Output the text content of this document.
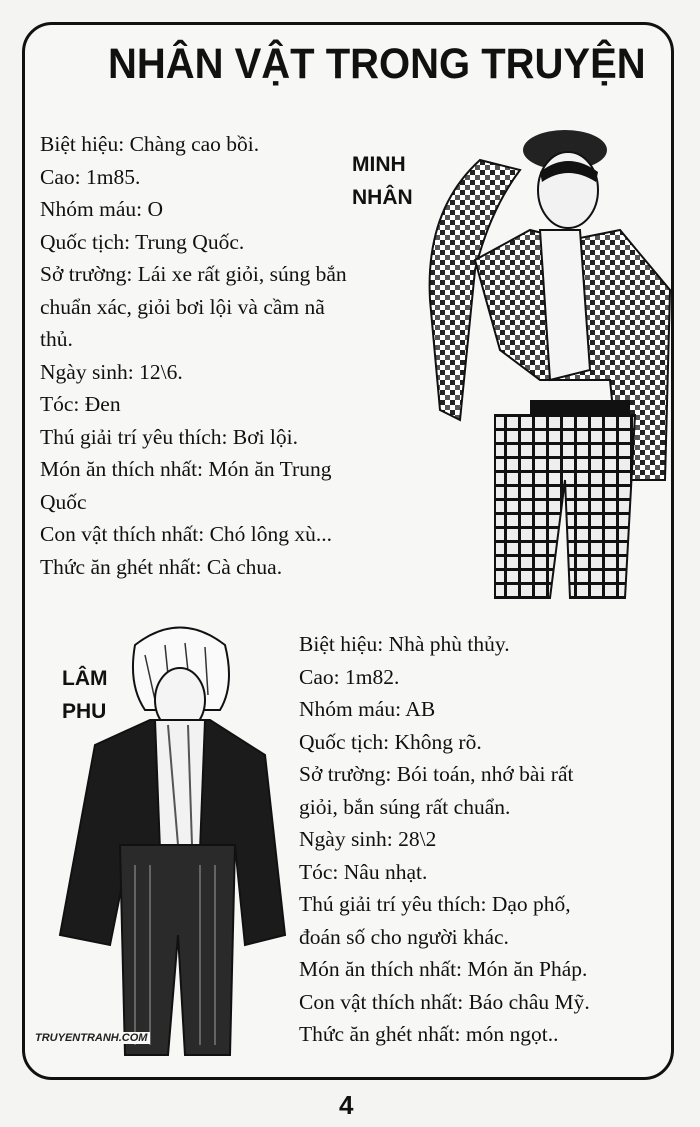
NHÂN VẬT TRONG TRUYỆN
MINH
NHÂN
Biệt hiệu: Chàng cao bồi.
Cao: 1m85.
Nhóm máu: O
Quốc tịch: Trung Quốc.
Sở trường: Lái xe rất giỏi, súng bắn
chuẩn xác, giỏi bơi lội và cầm nã
thủ.
Ngày sinh: 12\6.
Tóc: Đen
Thú giải trí yêu thích: Bơi lội.
Món ăn thích nhất: Món ăn Trung
Quốc
Con vật thích nhất: Chó lông xù...
Thức ăn ghét nhất: Cà chua.
LÂM
PHU
Biệt hiệu: Nhà phù thủy.
Cao: 1m82.
Nhóm máu: AB
Quốc tịch: Không rõ.
Sở trường: Bói toán, nhớ bài rất
giỏi, bắn súng rất chuẩn.
Ngày sinh: 28\2
Tóc: Nâu nhạt.
Thú giải trí yêu thích: Dạo phố,
đoán số cho người khác.
Món ăn thích nhất: Món ăn Pháp.
Con vật thích nhất: Báo châu Mỹ.
Thức ăn ghét nhất: món ngọt..
TRUYENTRANH.COM
4
